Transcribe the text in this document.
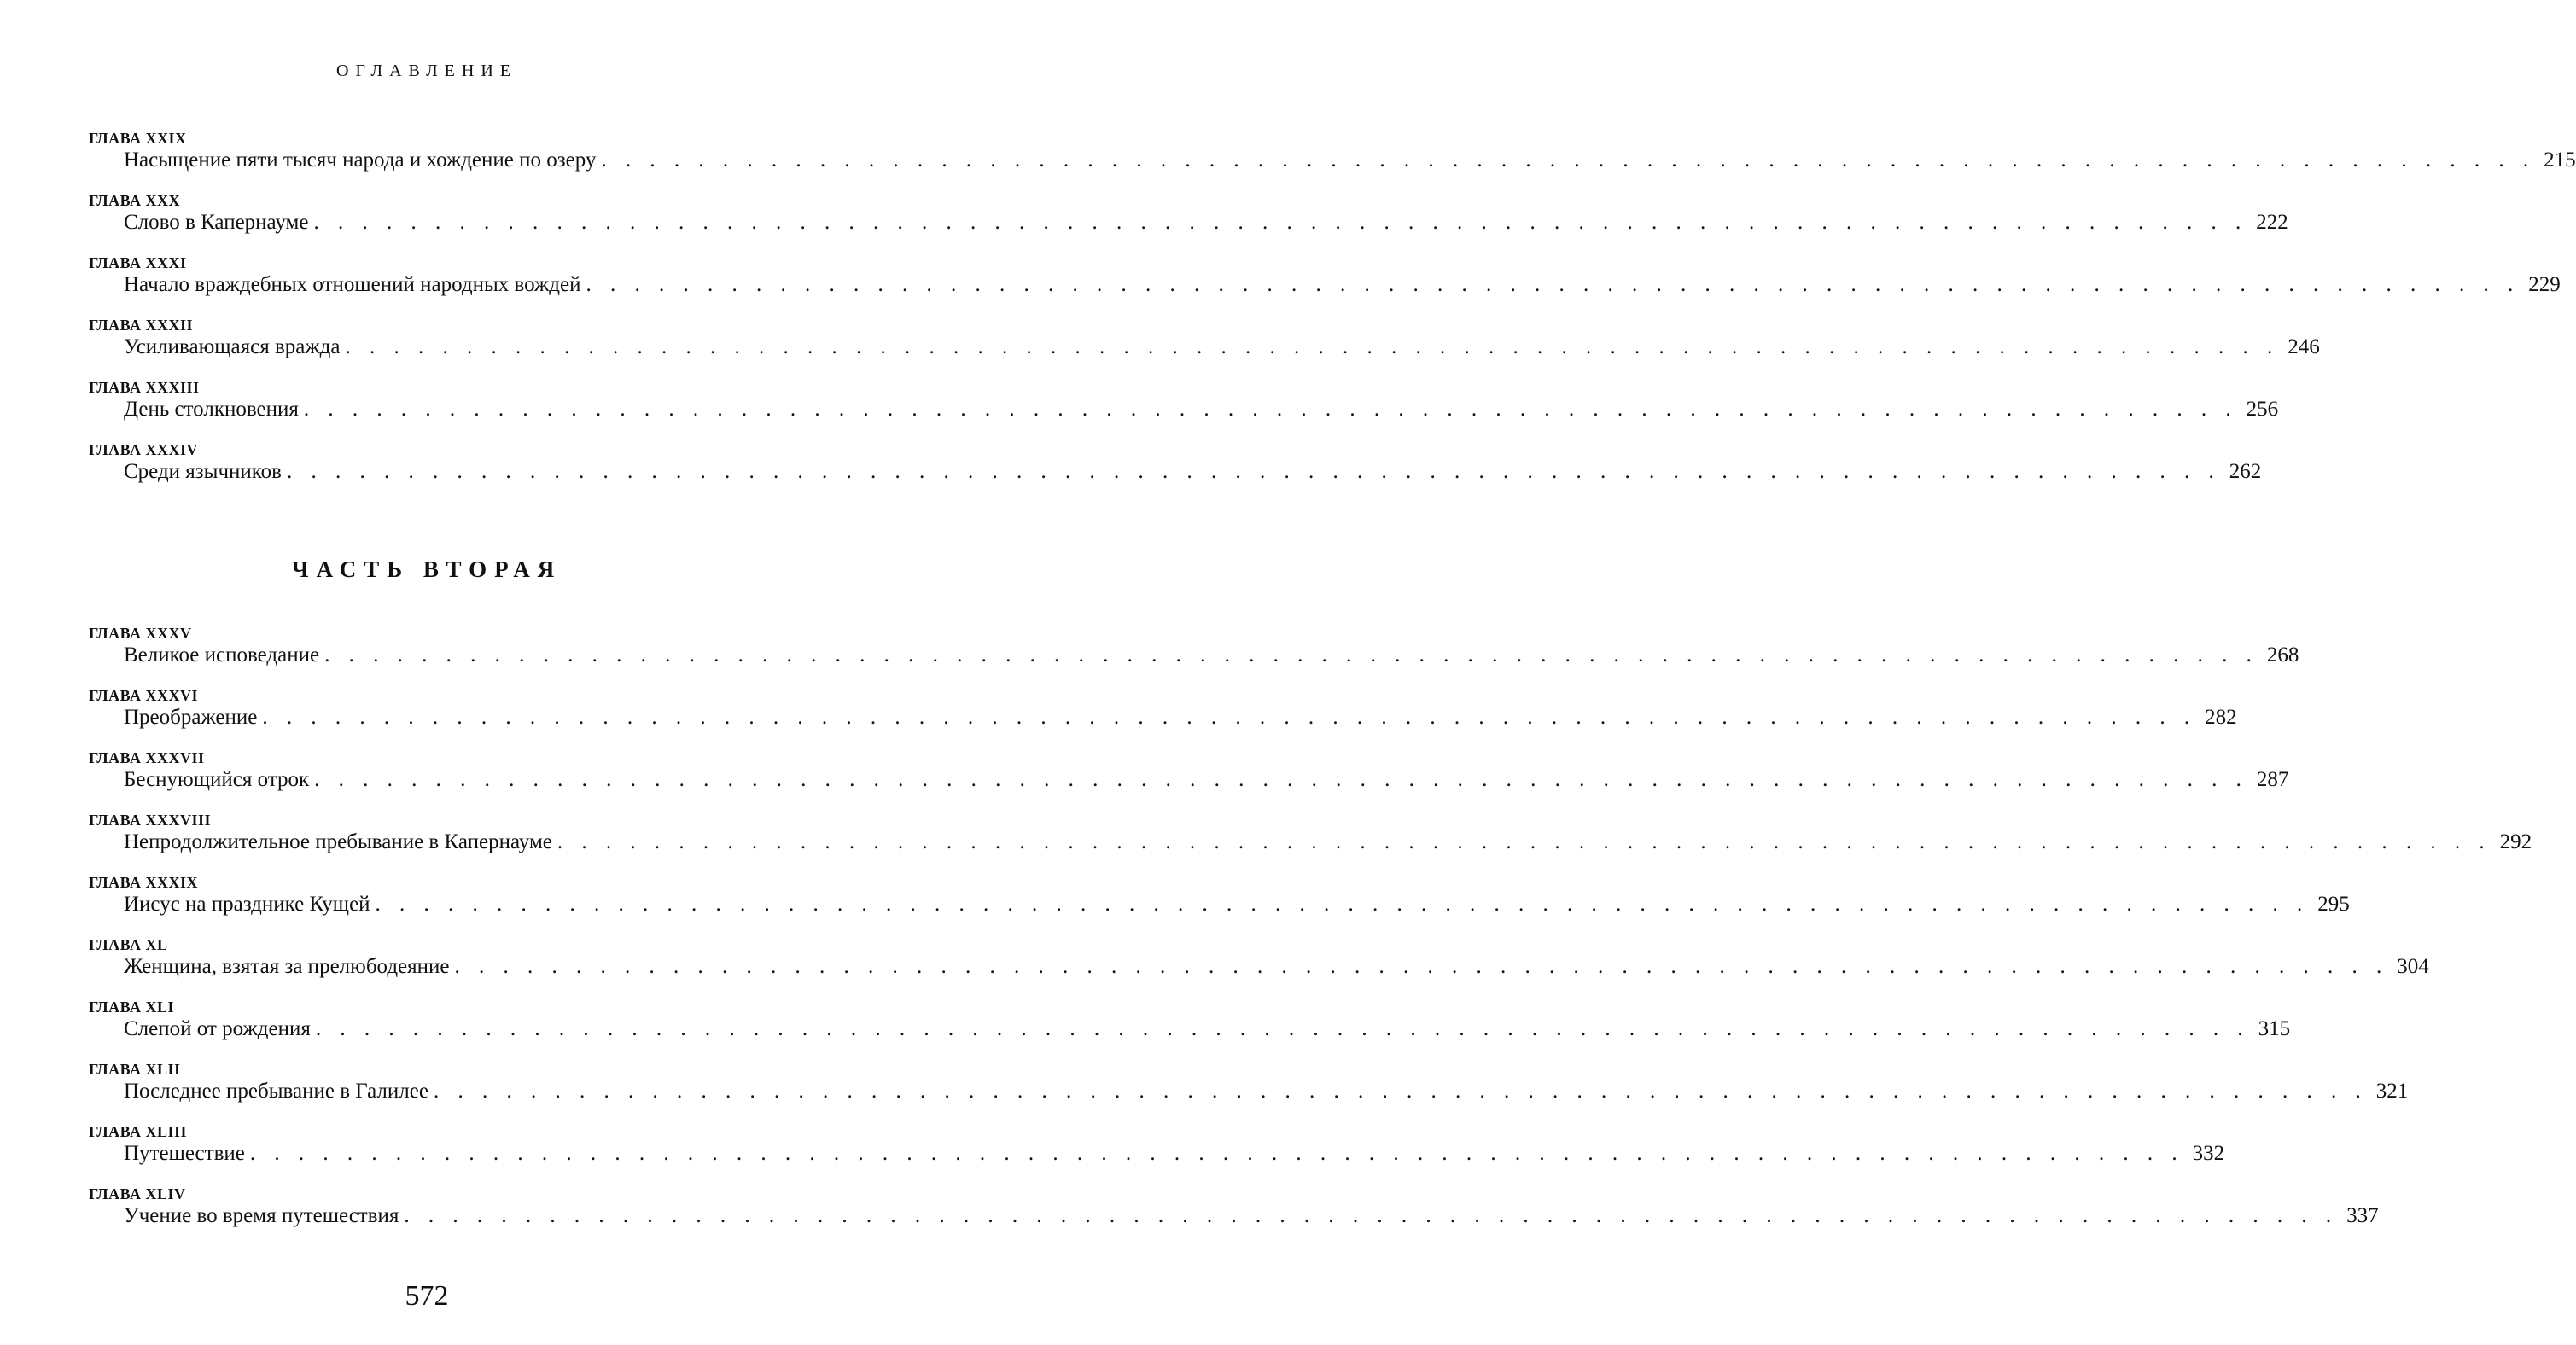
ОГЛАВЛЕНИЕ
ГЛАВА XXIX
Насыщение пяти тысяч народа и хождение по озеру . . . . . . . . . . . . . . . . . . . . . . . . . . . . . . . . . . . . . . . . . . . . . . . . . . . . . . . . . . . . . . . . . . . . . . . . . . . . . . . . 215
ГЛАВА XXX
Слово в Капернауме . . . . . . . . . . . . . . . . . . . . . . . . . . . . . . . . . . . . . . . . . . . . . . . . . . . . . . . . . . . . . . . . . . . . . . . . . . . . . . . . 222
ГЛАВА XXXI
Начало враждебных отношений народных вождей . . . . . . . . . . . . . . . . . . . . . . . . . . . . . . . . . . . . . . . . . . . . . . . . . . . . . . . . . . . . . . . . . . . . . . . . . . . . . . . . 229
ГЛАВА XXXII
Усиливающаяся вражда . . . . . . . . . . . . . . . . . . . . . . . . . . . . . . . . . . . . . . . . . . . . . . . . . . . . . . . . . . . . . . . . . . . . . . . . . . . . . . . . 246
ГЛАВА XXXIII
День столкновения . . . . . . . . . . . . . . . . . . . . . . . . . . . . . . . . . . . . . . . . . . . . . . . . . . . . . . . . . . . . . . . . . . . . . . . . . . . . . . . . 256
ГЛАВА XXXIV
Среди язычников . . . . . . . . . . . . . . . . . . . . . . . . . . . . . . . . . . . . . . . . . . . . . . . . . . . . . . . . . . . . . . . . . . . . . . . . . . . . . . . . 262
ЧАСТЬ ВТОРАЯ
ГЛАВА XXXV
Великое исповедание . . . . . . . . . . . . . . . . . . . . . . . . . . . . . . . . . . . . . . . . . . . . . . . . . . . . . . . . . . . . . . . . . . . . . . . . . . . . . . . . 268
ГЛАВА XXXVI
Преображение . . . . . . . . . . . . . . . . . . . . . . . . . . . . . . . . . . . . . . . . . . . . . . . . . . . . . . . . . . . . . . . . . . . . . . . . . . . . . . . . 282
ГЛАВА XXXVII
Беснующийся отрок . . . . . . . . . . . . . . . . . . . . . . . . . . . . . . . . . . . . . . . . . . . . . . . . . . . . . . . . . . . . . . . . . . . . . . . . . . . . . . . . 287
ГЛАВА XXXVIII
Непродолжительное пребывание в Капернауме . . . . . . . . . . . . . . . . . . . . . . . . . . . . . . . . . . . . . . . . . . . . . . . . . . . . . . . . . . . . . . . . . . . . . . . . . . . . . . . . 292
ГЛАВА XXXIX
Иисус на празднике Кущей . . . . . . . . . . . . . . . . . . . . . . . . . . . . . . . . . . . . . . . . . . . . . . . . . . . . . . . . . . . . . . . . . . . . . . . . . . . . . . . . 295
ГЛАВА XL
Женщина, взятая за прелюбодеяние . . . . . . . . . . . . . . . . . . . . . . . . . . . . . . . . . . . . . . . . . . . . . . . . . . . . . . . . . . . . . . . . . . . . . . . . . . . . . . . . 304
ГЛАВА XLI
Слепой от рождения . . . . . . . . . . . . . . . . . . . . . . . . . . . . . . . . . . . . . . . . . . . . . . . . . . . . . . . . . . . . . . . . . . . . . . . . . . . . . . . . 315
ГЛАВА XLII
Последнее пребывание в Галилее . . . . . . . . . . . . . . . . . . . . . . . . . . . . . . . . . . . . . . . . . . . . . . . . . . . . . . . . . . . . . . . . . . . . . . . . . . . . . . . . 321
ГЛАВА XLIII
Путешествие . . . . . . . . . . . . . . . . . . . . . . . . . . . . . . . . . . . . . . . . . . . . . . . . . . . . . . . . . . . . . . . . . . . . . . . . . . . . . . . . 332
ГЛАВА XLIV
Учение во время путешествия . . . . . . . . . . . . . . . . . . . . . . . . . . . . . . . . . . . . . . . . . . . . . . . . . . . . . . . . . . . . . . . . . . . . . . . . . . . . . . . . 337
572
